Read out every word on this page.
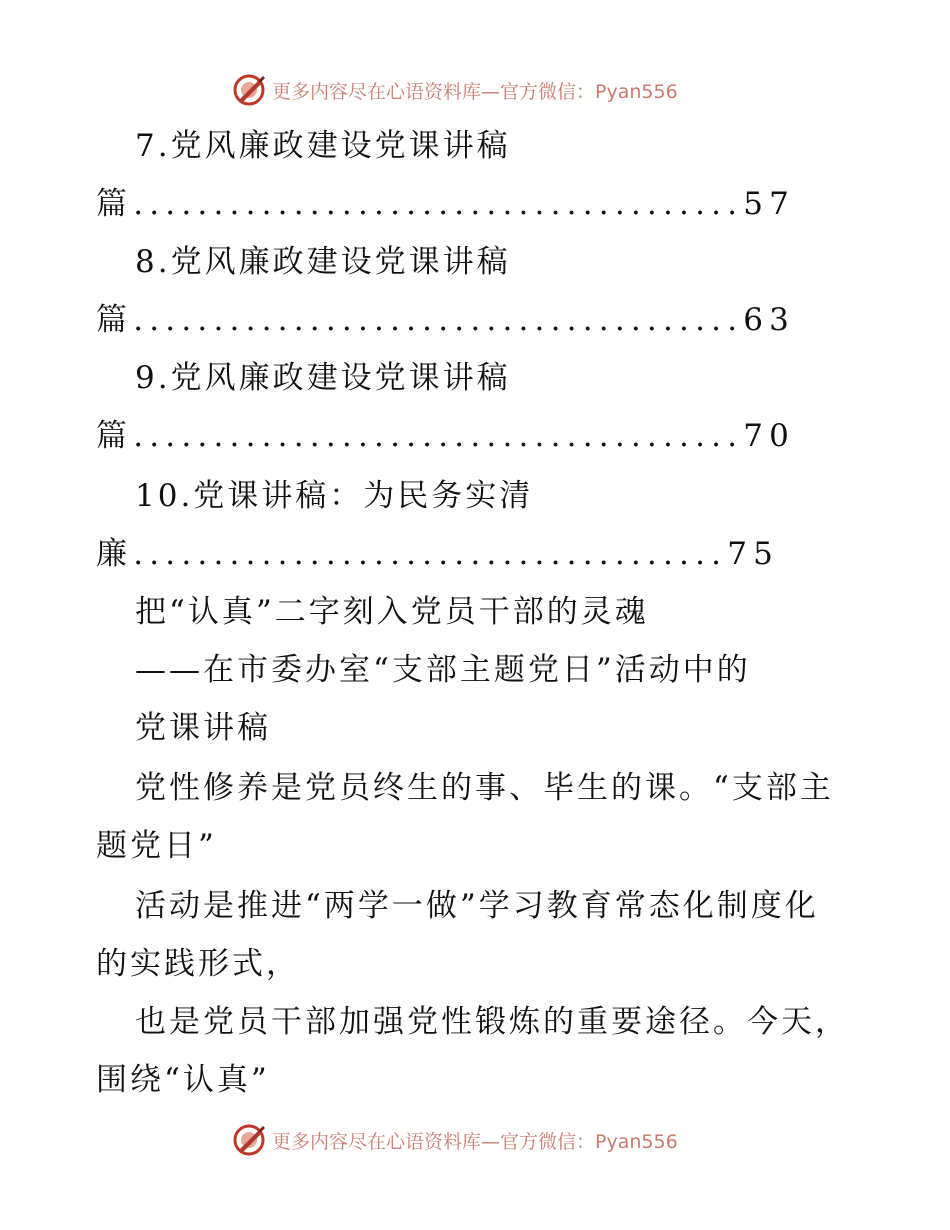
更多内容尽在心语资料库—官方微信：Pyan556
7.党风廉政建设党课讲稿
篇......................................57
8.党风廉政建设党课讲稿
篇......................................63
9.党风廉政建设党课讲稿
篇......................................70
10.党课讲稿：为民务实清
廉.....................................75
把“认真”二字刻入党员干部的灵魂
——在市委办室“支部主题党日”活动中的
党课讲稿
党性修养是党员终生的事、毕生的课。“支部主
题党日”
活动是推进“两学一做”学习教育常态化制度化
的实践形式，
也是党员干部加强党性锻炼的重要途径。今天，
围绕“认真”
更多内容尽在心语资料库—官方微信：Pyan556
